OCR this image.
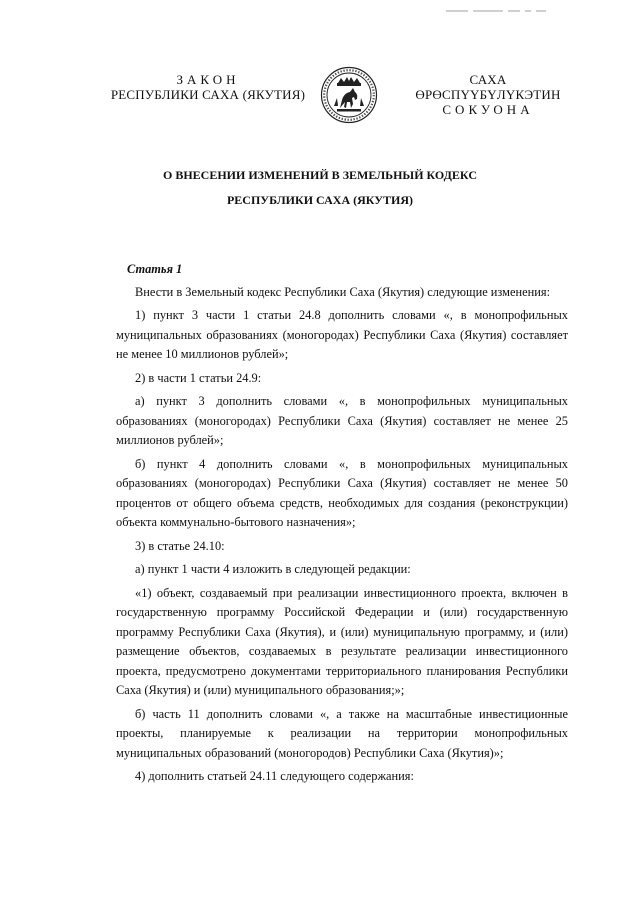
ЗАКОН
РЕСПУБЛИКИ САХА (ЯКУТИЯ)
САХА ӨРӨСПҮҮБҮЛҮКЭТИН
СОКУОНА
О ВНЕСЕНИИ ИЗМЕНЕНИЙ В ЗЕМЕЛЬНЫЙ КОДЕКС
РЕСПУБЛИКИ САХА (ЯКУТИЯ)

Статья 1

Внести в Земельный кодекс Республики Саха (Якутия) следующие изменения:

1) пункт 3 части 1 статьи 24.8 дополнить словами «, в монопрофильных муниципальных образованиях (моногородах) Республики Саха (Якутия) составляет не менее 10 миллионов рублей»;

2) в части 1 статьи 24.9:

а) пункт 3 дополнить словами «, в монопрофильных муниципальных образованиях (моногородах) Республики Саха (Якутия) составляет не менее 25 миллионов рублей»;

б) пункт 4 дополнить словами «, в монопрофильных муниципальных образованиях (моногородах) Республики Саха (Якутия) составляет не менее 50 процентов от общего объема средств, необходимых для создания (реконструкции) объекта коммунально-бытового назначения»;

3) в статье 24.10:

а) пункт 1 части 4 изложить в следующей редакции:

«1) объект, создаваемый при реализации инвестиционного проекта, включен в государственную программу Российской Федерации и (или) государственную программу Республики Саха (Якутия), и (или) муниципальную программу, и (или) размещение объектов, создаваемых в результате реализации инвестиционного проекта, предусмотрено документами территориального планирования Республики Саха (Якутия) и (или) муниципального образования;»;

б) часть 11 дополнить словами «, а также на масштабные инвестиционные проекты, планируемые к реализации на территории монопрофильных муниципальных образований (моногородов) Республики Саха (Якутия)»;

4) дополнить статьей 24.11 следующего содержания:
